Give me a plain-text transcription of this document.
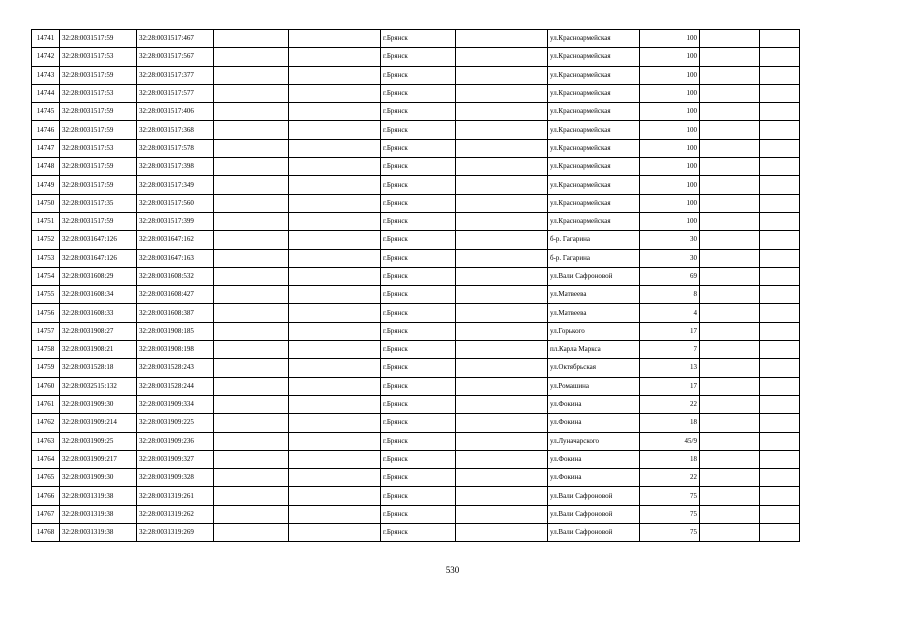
14741	32:28:0031517:59	32:28:0031517:467			г.Брянск		ул.Красноармейская	100		
14742	32:28:0031517:53	32:28:0031517:567			г.Брянск		ул.Красноармейская	100		
14743	32:28:0031517:59	32:28:0031517:377			г.Брянск		ул.Красноармейская	100		
14744	32:28:0031517:53	32:28:0031517:577			г.Брянск		ул.Красноармейская	100		
14745	32:28:0031517:59	32:28:0031517:406			г.Брянск		ул.Красноармейская	100		
14746	32:28:0031517:59	32:28:0031517:368			г.Брянск		ул.Красноармейская	100		
14747	32:28:0031517:53	32:28:0031517:578			г.Брянск		ул.Красноармейская	100		
14748	32:28:0031517:59	32:28:0031517:398			г.Брянск		ул.Красноармейская	100		
14749	32:28:0031517:59	32:28:0031517:349			г.Брянск		ул.Красноармейская	100		
14750	32:28:0031517:35	32:28:0031517:560			г.Брянск		ул.Красноармейская	100		
14751	32:28:0031517:59	32:28:0031517:399			г.Брянск		ул.Красноармейская	100		
14752	32:28:0031647:126	32:28:0031647:162			г.Брянск		б-р. Гагарина	30		
14753	32:28:0031647:126	32:28:0031647:163			г.Брянск		б-р. Гагарина	30		
14754	32:28:0031608:29	32:28:0031608:532			г.Брянск		ул.Вали Сафроновой	69		
14755	32:28:0031608:34	32:28:0031608:427			г.Брянск		ул.Матвеева	8		
14756	32:28:0031608:33	32:28:0031608:387			г.Брянск		ул.Матвеева	4		
14757	32:28:0031908:27	32:28:0031908:185			г.Брянск		ул.Горького	17		
14758	32:28:0031908:21	32:28:0031908:198			г.Брянск		пл.Карла Маркса	7		
14759	32:28:0031528:18	32:28:0031528:243			г.Брянск		ул.Октябрьская	13		
14760	32:28:0032515:132	32:28:0031528:244			г.Брянск		ул.Ромашина	17		
14761	32:28:0031909:30	32:28:0031909:334			г.Брянск		ул.Фокина	22		
14762	32:28:0031909:214	32:28:0031909:225			г.Брянск		ул.Фокина	18		
14763	32:28:0031909:25	32:28:0031909:236			г.Брянск		ул.Луначарского	45/9		
14764	32:28:0031909:217	32:28:0031909:327			г.Брянск		ул.Фокина	18		
14765	32:28:0031909:30	32:28:0031909:328			г.Брянск		ул.Фокина	22		
14766	32:28:0031319:38	32:28:0031319:261			г.Брянск		ул.Вали Сафроновой	75		
14767	32:28:0031319:38	32:28:0031319:262			г.Брянск		ул.Вали Сафроновой	75		
14768	32:28:0031319:38	32:28:0031319:269			г.Брянск		ул.Вали Сафроновой	75		
530
